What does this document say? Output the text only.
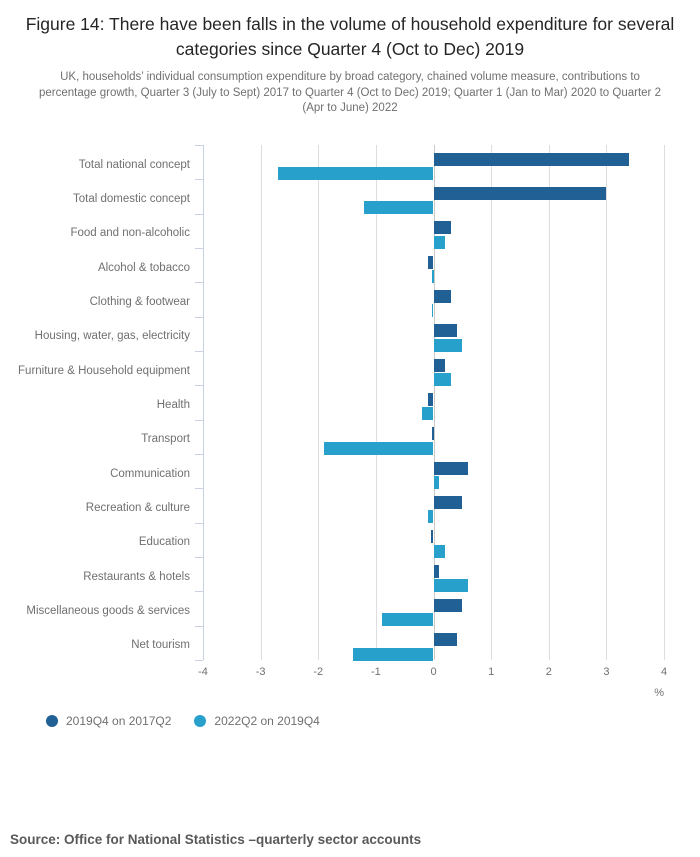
Figure 14: There have been falls in the volume of household expenditure for several categories since Quarter 4 (Oct to Dec) 2019

UK, households’ individual consumption expenditure by broad category, chained volume measure, contributions to percentage growth, Quarter 3 (July to Sept) 2017 to Quarter 4 (Oct to Dec) 2019; Quarter 1 (Jan to Mar) 2020 to Quarter 2 (Apr to June) 2022

Total national concept
Total domestic concept
Food and non-alcoholic
Alcohol & tobacco
Clothing & footwear
Housing, water, gas, electricity
Furniture & Household equipment
Health
Transport
Communication
Recreation & culture
Education
Restaurants & hotels
Miscellaneous goods & services
Net tourism
-4	-3	-2	-1	0	1	2	3	4
%
2019Q4 on 2017Q2	2022Q2 on 2019Q4

Source: Office for National Statistics –quarterly sector accounts
